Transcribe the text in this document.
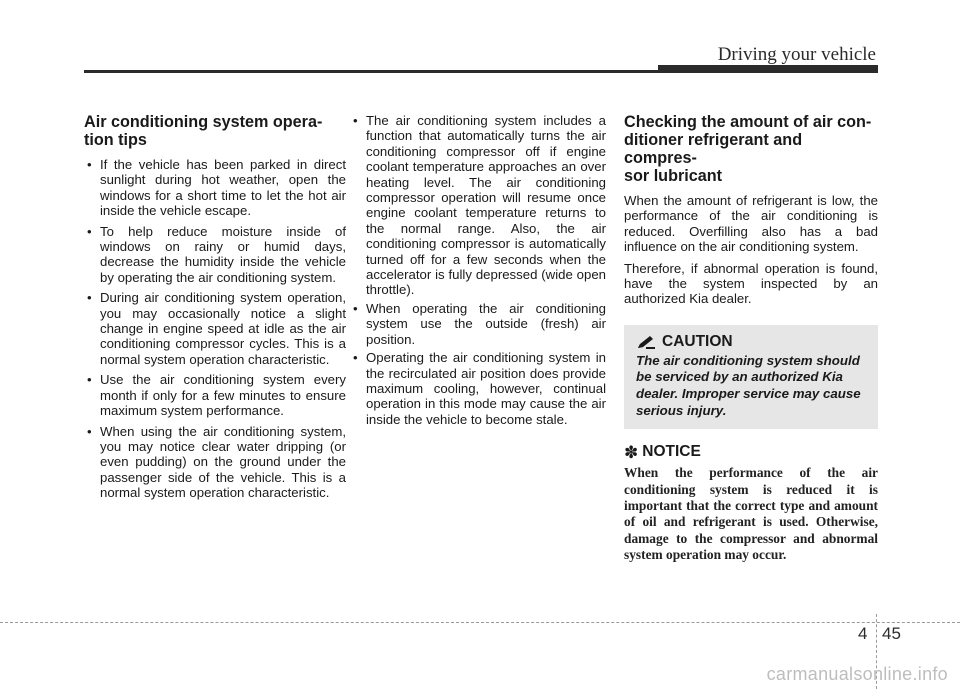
Driving your vehicle
Air conditioning system opera-
tion tips
• If the vehicle has been parked in direct sunlight during hot weather, open the windows for a short time to let the hot air inside the vehicle escape.
• To help reduce moisture inside of windows on rainy or humid days, decrease the humidity inside the vehicle by operating the air conditioning system.
• During air conditioning system operation, you may occasionally notice a slight change in engine speed at idle as the air conditioning compressor cycles. This is a normal system operation characteristic.
• Use the air conditioning system every month if only for a few minutes to ensure maximum system performance.
• When using the air conditioning system, you may notice clear water dripping (or even pudding) on the ground under the passenger side of the vehicle. This is a normal system operation characteristic.
• The air conditioning system includes a function that automatically turns the air conditioning compressor off if engine coolant temperature approaches an over heating level. The air conditioning compressor operation will resume once engine coolant temperature returns to the normal range. Also, the air conditioning compressor is automatically turned off for a few seconds when the accelerator is fully depressed (wide open throttle).
• When operating the air conditioning system use the outside (fresh) air position.
• Operating the air conditioning system in the recirculated air position does provide maximum cooling, however, continual operation in this mode may cause the air inside the vehicle to become stale.
Checking the amount of air con-
ditioner refrigerant and compres-
sor lubricant

When the amount of refrigerant is low, the performance of the air conditioning is reduced. Overfilling also has a bad influence on the air conditioning system.

Therefore, if abnormal operation is found, have the system inspected by an authorized Kia dealer.

CAUTION

The air conditioning system should be serviced by an authorized Kia dealer. Improper service may cause serious injury.

✽ NOTICE

When the performance of the air conditioning system is reduced it is important that the correct type and amount of oil and refrigerant is used. Otherwise, damage to the compressor and abnormal system operation may occur.

4 45
carmanualsonline.info
